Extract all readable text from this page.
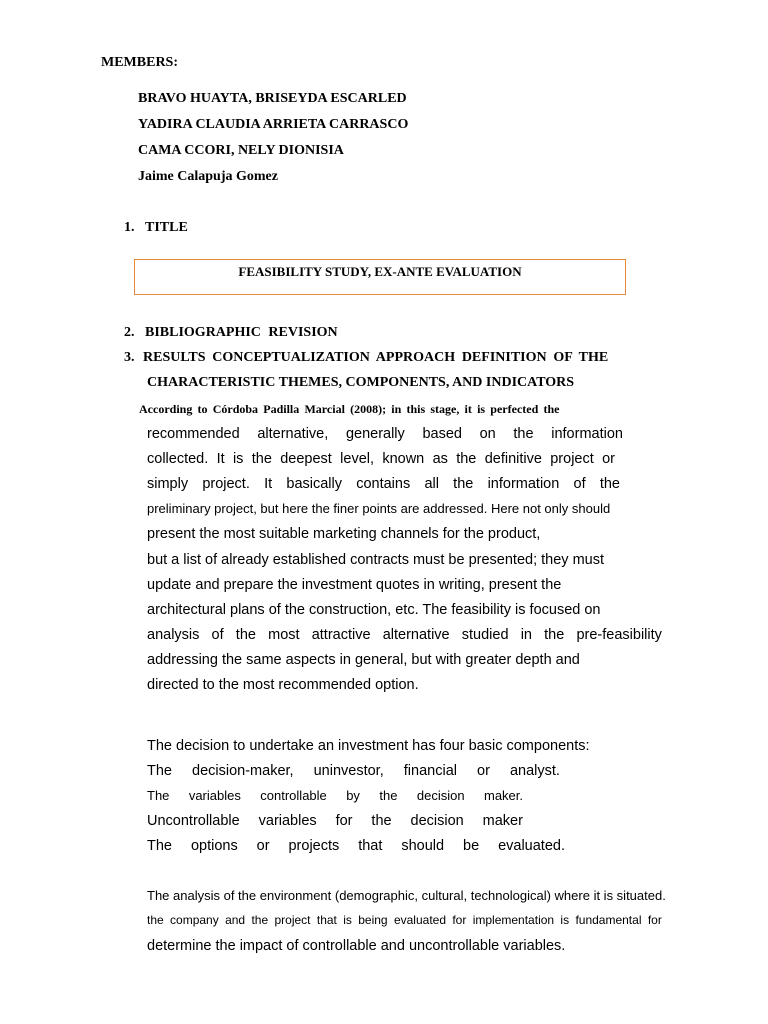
MEMBERS:
BRAVO HUAYTA, BRISEYDA ESCARLED
YADIRA CLAUDIA ARRIETA CARRASCO
CAMA CCORI, NELY DIONISIA
Jaime Calapuja Gomez
1. TITLE
FEASIBILITY STUDY, EX-ANTE EVALUATION
2. BIBLIOGRAPHIC REVISION
3. RESULTS CONCEPTUALIZATION APPROACH DEFINITION OF THE
CHARACTERISTIC THEMES, COMPONENTS, AND INDICATORS
According to Córdoba Padilla Marcial (2008); in this stage, it is perfected the
recommended alternative, generally based on the information
collected. It is the deepest level, known as the definitive project or
simply project. It basically contains all the information of the
preliminary project, but here the finer points are addressed. Here not only should
present the most suitable marketing channels for the product,
but a list of already established contracts must be presented; they must
update and prepare the investment quotes in writing, present the
architectural plans of the construction, etc. The feasibility is focused on
analysis of the most attractive alternative studied in the pre-feasibility
addressing the same aspects in general, but with greater depth and
directed to the most recommended option.
The decision to undertake an investment has four basic components:
The decision-maker, uninvestor, financial or analyst.
The variables controllable by the decision maker.
Uncontrollable variables for the decision maker
The options or projects that should be evaluated.
The analysis of the environment (demographic, cultural, technological) where it is situated.
the company and the project that is being evaluated for implementation is fundamental for
determine the impact of controllable and uncontrollable variables.
